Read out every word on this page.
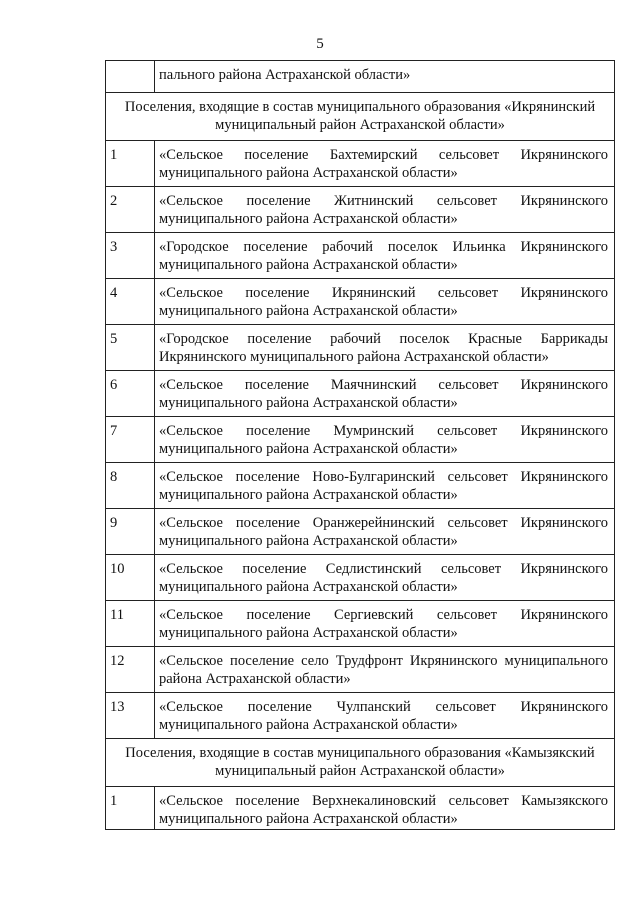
5
	пального района Астраханской области»
Поселения, входящие в состав муниципального образования «Икрянинский муниципальный район Астраханской области»	
1	«Сельское поселение Бахтемирский сельсовет Икрянинского муниципального района Астраханской области»
2	«Сельское поселение Житнинский сельсовет Икрянинского муниципального района Астраханской области»
3	«Городское поселение рабочий поселок Ильинка Икрянинского муниципального района Астраханской области»
4	«Сельское поселение Икрянинский сельсовет Икрянинского муниципального района Астраханской области»
5	«Городское поселение рабочий поселок Красные Баррикады Икрянинского муниципального района Астраханской области»
6	«Сельское поселение Маячнинский сельсовет Икрянинского муниципального района Астраханской области»
7	«Сельское поселение Мумринский сельсовет Икрянинского муниципального района Астраханской области»
8	«Сельское поселение Ново-Булгаринский сельсовет Икрянинского муниципального района Астраханской области»
9	«Сельское поселение Оранжерейнинский сельсовет Икрянинского муниципального района Астраханской области»
10	«Сельское поселение Седлистинский сельсовет Икрянинского муниципального района Астраханской области»
11	«Сельское поселение Сергиевский сельсовет Икрянинского муниципального района Астраханской области»
12	«Сельское поселение село Трудфронт Икрянинского муниципального района Астраханской области»
13	«Сельское поселение Чулпанский сельсовет Икрянинского муниципального района Астраханской области»
Поселения, входящие в состав муниципального образования «Камызякский муниципальный район Астраханской области»	
1	«Сельское поселение Верхнекалиновский сельсовет Камызякского муниципального района Астраханской области»
